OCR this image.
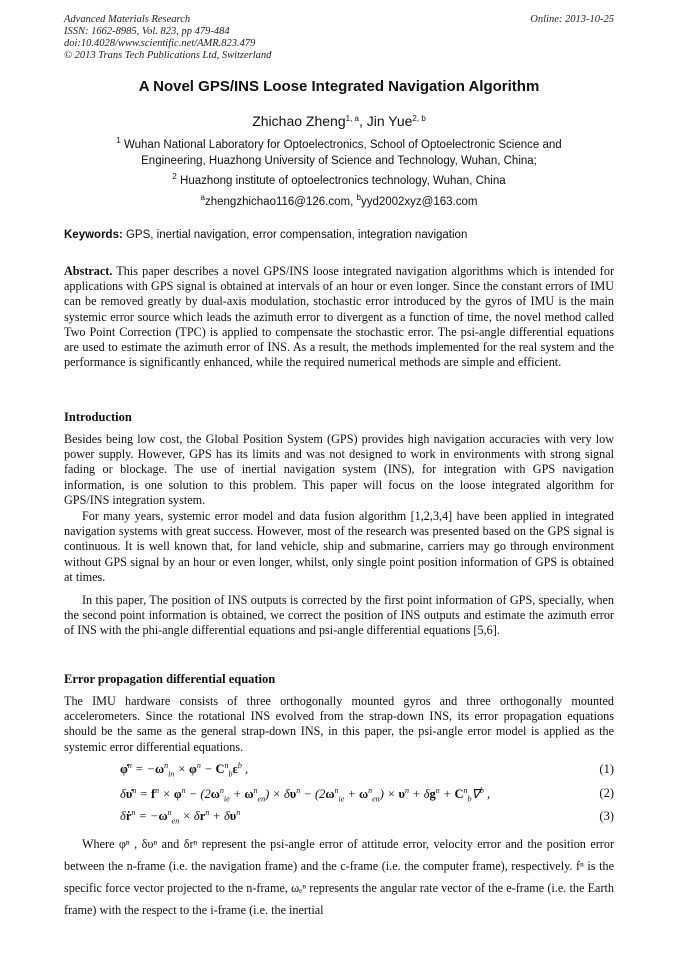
Advanced Materials Research
ISSN: 1662-8985, Vol. 823, pp 479-484
doi:10.4028/www.scientific.net/AMR.823.479
© 2013 Trans Tech Publications Ltd, Switzerland
Online: 2013-10-25
A Novel GPS/INS Loose Integrated Navigation Algorithm
Zhichao Zheng$^{1, a}$, Jin Yue$^{2, b}$
$^1$ Wuhan National Laboratory for Optoelectronics, School of Optoelectronic Science and
Engineering, Huazhong University of Science and Technology, Wuhan, China;
$^2$ Huazhong institute of optoelectronics technology, Wuhan, China
$^a$zhengzhichao116@126.com, $^b$yyd2002xyz@163.com
Keywords: GPS, inertial navigation, error compensation, integration navigation
Abstract. This paper describes a novel GPS/INS loose integrated navigation algorithms which is intended for applications with GPS signal is obtained at intervals of an hour or even longer. Since the constant errors of IMU can be removed greatly by dual-axis modulation, stochastic error introduced by the gyros of IMU is the main systemic error source which leads the azimuth error to divergent as a function of time, the novel method called Two Point Correction (TPC) is applied to compensate the stochastic error. The psi-angle differential equations are used to estimate the azimuth error of INS. As a result, the methods implemented for the real system and the performance is significantly enhanced, while the required numerical methods are simple and efficient.
Introduction
Besides being low cost, the Global Position System (GPS) provides high navigation accuracies with very low power supply. However, GPS has its limits and was not designed to work in environments with strong signal fading or blockage. The use of inertial navigation system (INS), for integration with GPS navigation information, is one solution to this problem. This paper will focus on the loose integrated algorithm for GPS/INS integration system.
For many years, systemic error model and data fusion algorithm [1,2,3,4] have been applied in integrated navigation systems with great success. However, most of the research was presented based on the GPS signal is continuous. It is well known that, for land vehicle, ship and submarine, carriers may go through environment without GPS signal by an hour or even longer, whilst, only single point position information of GPS is obtained at times.
In this paper, The position of INS outputs is corrected by the first point information of GPS, specially, when the second point information is obtained, we correct the position of INS outputs and estimate the azimuth error of INS with the phi-angle differential equations and psi-angle differential equations [5,6].
Error propagation differential equation
The IMU hardware consists of three orthogonally mounted gyros and three orthogonally mounted accelerometers. Since the rotational INS evolved from the strap-down INS, its error propagation equations should be the same as the general strap-down INS, in this paper, the psi-angle error model is applied as the systemic error differential equations.
φ̇$^n$ = $-\omega^n_{in} \times \varphi^n - C^n_b\varepsilon^b$ ,	(1)
δυ̇$^n$ = $f^n \times \varphi^n - (2\omega^n_{ie} + \omega^n_{en}) \times \delta\upsilon^n - (2\omega^n_{ie} + \omega^n_{en}) \times \upsilon^n + \delta g^n + C^n_b\nabla^b$ ,	(2)
δṙ$^n$ = $-\omega^n_{en} \times \delta r^n + \delta\upsilon^n$	(3)
Where φⁿ , δυⁿ and δrⁿ represent the psi-angle error of attitude error, velocity error and the position error between the n-frame (i.e. the navigation frame) and the c-frame (i.e. the computer frame), respectively. fⁿ is the specific force vector projected to the n-frame, ωₑⁿ represents the angular rate vector of the e-frame (i.e. the Earth frame) with the respect to the i-frame (i.e. the inertial
